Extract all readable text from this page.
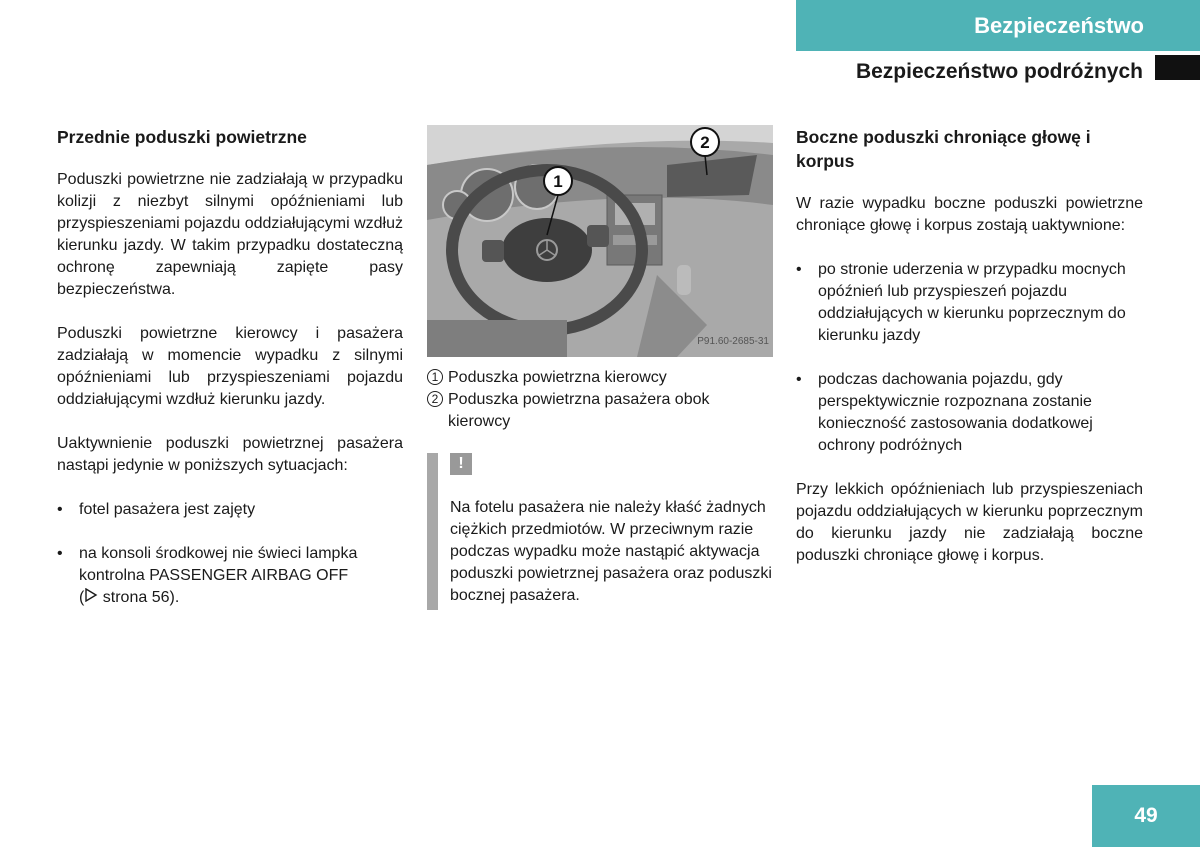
Bezpieczeństwo
Bezpieczeństwo podróżnych
Przednie poduszki powietrzne

Poduszki powietrzne nie zadziałają w przypadku kolizji z niezbyt silnymi opóźnieniami lub przyspieszeniami pojazdu oddziałującymi wzdłuż kierunku jazdy. W takim przypadku dostateczną ochronę zapewniają zapięte pasy bezpieczeństwa.

Poduszki powietrzne kierowcy i pasażera zadziałają w momencie wypadku z silnymi opóźnieniami lub przyspieszeniami pojazdu oddziałującymi wzdłuż kierunku jazdy.

Uaktywnienie poduszki powietrznej pasażera nastąpi jedynie w poniższych sytuacjach:

• fotel pasażera jest zajęty
• na konsoli środkowej nie świeci lampka kontrolna PASSENGER AIRBAG OFF
( strona 56).
1
2
P91.60-2685-31
1 Poduszka powietrzna kierowcy
2 Poduszka powietrzna pasażera obok kierowcy
!

Na fotelu pasażera nie należy kłaść żadnych ciężkich przedmiotów. W przeciwnym razie podczas wypadku może nastąpić aktywacja poduszki powietrznej pasażera oraz poduszki bocznej pasażera.

Boczne poduszki chroniące głowę i korpus

W razie wypadku boczne poduszki powietrzne chroniące głowę i korpus zostają uaktywnione:

• po stronie uderzenia w przypadku mocnych opóźnień lub przyspieszeń pojazdu oddziałujących w kierunku poprzecznym do kierunku jazdy
• podczas dachowania pojazdu, gdy perspektywicznie rozpoznana zostanie konieczność zastosowania dodatkowej ochrony podróżnych

Przy lekkich opóźnieniach lub przyspieszeniach pojazdu oddziałujących w kierunku poprzecznym do kierunku jazdy nie zadziałają boczne poduszki chroniące głowę i korpus.

49
